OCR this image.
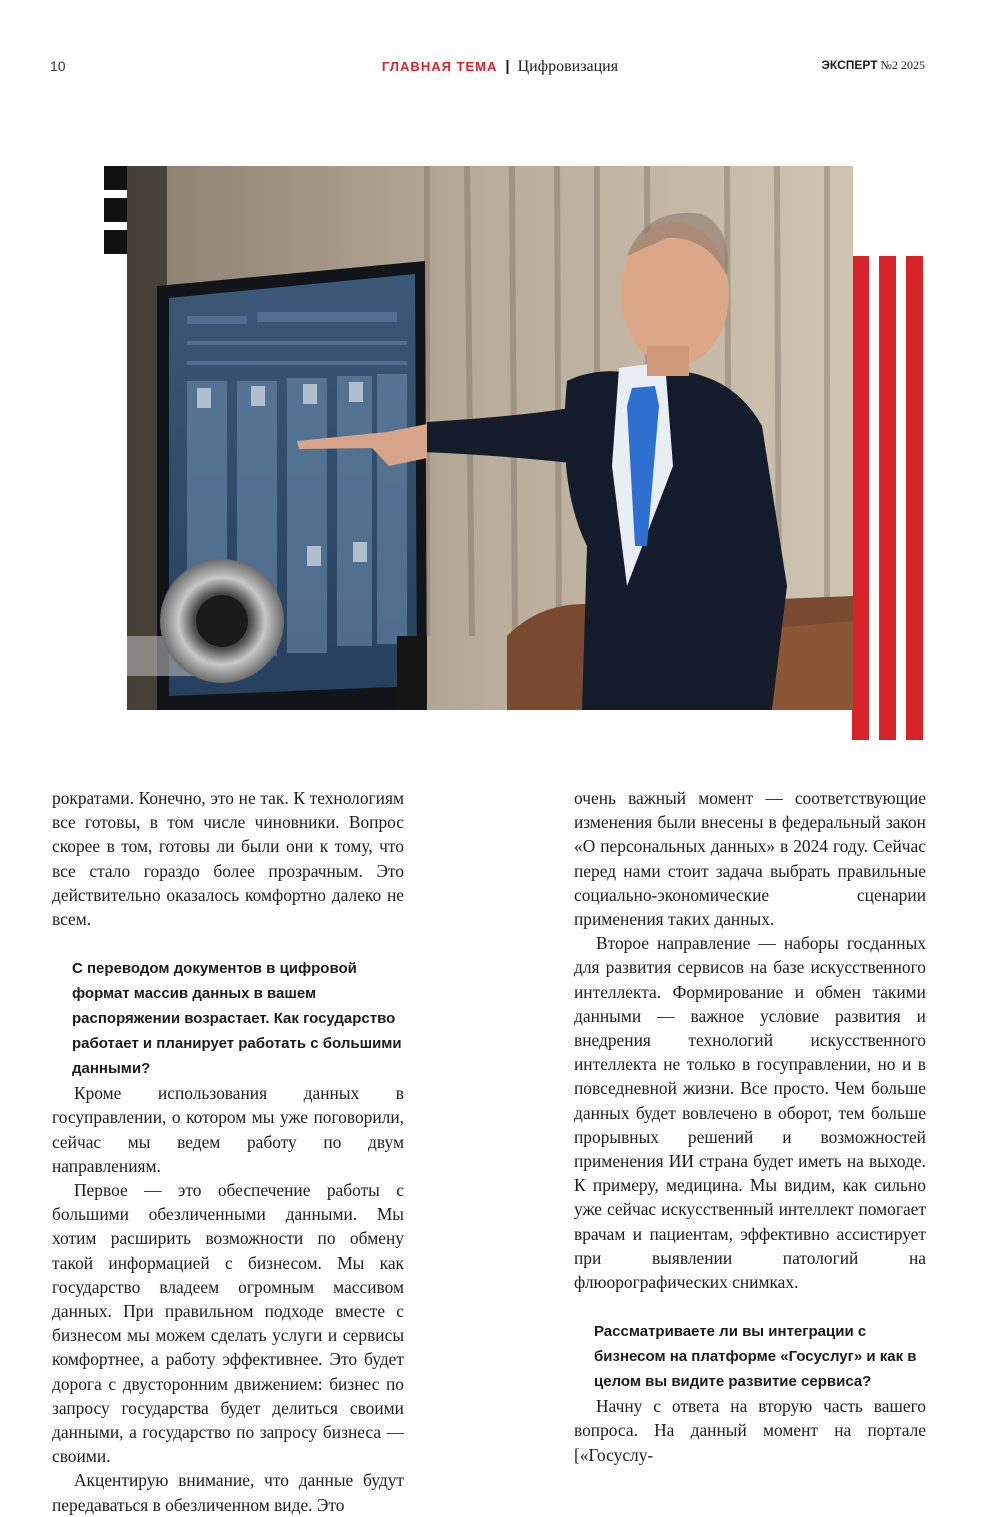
10	ГЛАВНАЯ ТЕМА | Цифровизация	ЭКСПЕРТ №2 2025

рократами. Конечно, это не так. К технологиям все готовы, в том числе чиновники. Вопрос скорее в том, готовы ли были они к тому, что все стало гораздо более прозрачным. Это действительно оказалось комфортно далеко не всем.

С переводом документов в цифровой формат массив данных в вашем распоряжении возрастает. Как государство работает и планирует работать с большими данными?

Кроме использования данных в госуправлении, о котором мы уже поговорили, сейчас мы ведем работу по двум направлениям.

Первое — это обеспечение работы с большими обезличенными данными. Мы хотим расширить возможности по обмену такой информацией с бизнесом. Мы как государство владеем огромным массивом данных. При правильном подходе вместе с бизнесом мы можем сделать услуги и сервисы комфортнее, а работу эффективнее. Это будет дорога с двусторонним движением: бизнес по запросу государства будет делиться своими данными, а государство по запросу бизнеса — своими.

Акцентирую внимание, что данные будут передаваться в обезличенном виде. Это

очень важный момент — соответствующие изменения были внесены в федеральный закон «О персональных данных» в 2024 году. Сейчас перед нами стоит задача выбрать правильные социально-экономические сценарии применения таких данных.

Второе направление — наборы госданных для развития сервисов на базе искусственного интеллекта. Формирование и обмен такими данными — важное условие развития и внедрения технологий искусственного интеллекта не только в госуправлении, но и в повседневной жизни. Все просто. Чем больше данных будет вовлечено в оборот, тем больше прорывных решений и возможностей применения ИИ страна будет иметь на выходе. К примеру, медицина. Мы видим, как сильно уже сейчас искусственный интеллект помогает врачам и пациентам, эффективно ассистирует при выявлении патологий на флюорографических снимках.

Рассматриваете ли вы интеграции с бизнесом на платформе «Госуслуг» и как в целом вы видите развитие сервиса?

Начну с ответа на вторую часть вашего вопроса. На данный момент на портале [«Госуслу-
